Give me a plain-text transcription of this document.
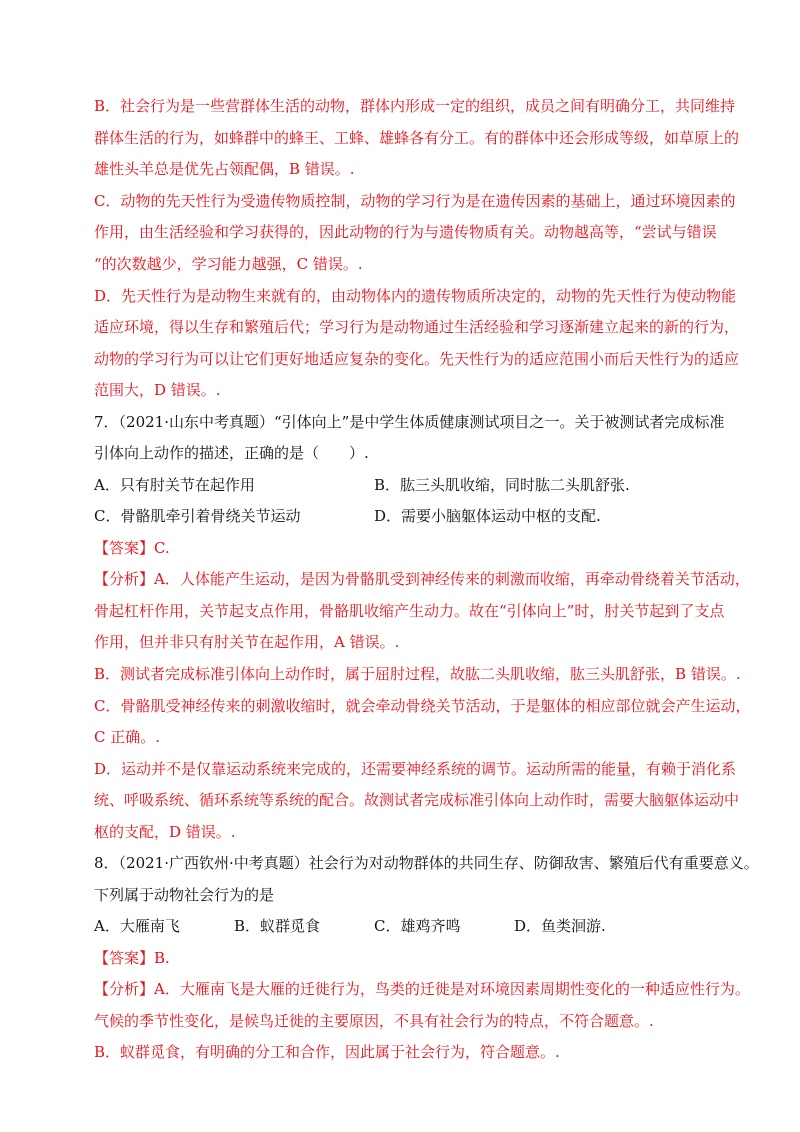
B．社会行为是一些营群体生活的动物，群体内形成一定的组织，成员之间有明确分工，共同维持
群体生活的行为，如蜂群中的蜂王、工蜂、雄蜂各有分工。有的群体中还会形成等级，如草原上的
雄性头羊总是优先占领配偶，B 错误。.
C．动物的先天性行为受遗传物质控制，动物的学习行为是在遗传因素的基础上，通过环境因素的
作用，由生活经验和学习获得的，因此动物的行为与遗传物质有关。动物越高等，“尝试与错误
“的次数越少，学习能力越强，C 错误。.
D．先天性行为是动物生来就有的，由动物体内的遗传物质所决定的，动物的先天性行为使动物能
适应环境，得以生存和繁殖后代；学习行为是动物通过生活经验和学习逐渐建立起来的新的行为，
动物的学习行为可以让它们更好地适应复杂的变化。先天性行为的适应范围小而后天性行为的适应
范围大，D 错误。.
7．（2021·山东中考真题）“引体向上”是中学生体质健康测试项目之一。关于被测试者完成标准
引体向上动作的描述，正确的是（　　）.
A．只有肘关节在起作用	B．肱三头肌收缩，同时肱二头肌舒张.
C．骨骼肌牵引着骨绕关节运动	D．需要小脑躯体运动中枢的支配.
【答案】C.
【分析】A．人体能产生运动，是因为骨骼肌受到神经传来的刺激而收缩，再牵动骨绕着关节活动，
骨起杠杆作用，关节起支点作用，骨骼肌收缩产生动力。故在“引体向上”时，肘关节起到了支点
作用，但并非只有肘关节在起作用，A 错误。.
B．测试者完成标准引体向上动作时，属于屈肘过程，故肱二头肌收缩，肱三头肌舒张，B 错误。.
C．骨骼肌受神经传来的刺激收缩时，就会牵动骨绕关节活动，于是躯体的相应部位就会产生运动，
C 正确。.
D．运动并不是仅靠运动系统来完成的，还需要神经系统的调节。运动所需的能量，有赖于消化系
统、呼吸系统、循环系统等系统的配合。故测试者完成标准引体向上动作时，需要大脑躯体运动中
枢的支配，D 错误。.
8．（2021·广西钦州·中考真题）社会行为对动物群体的共同生存、防御敌害、繁殖后代有重要意义。
下列属于动物社会行为的是
A．大雁南飞	B．蚁群觅食	C．雄鸡齐鸣	D．鱼类洄游.
【答案】B.
【分析】A．大雁南飞是大雁的迁徙行为，鸟类的迁徙是对环境因素周期性变化的一种适应性行为。
气候的季节性变化，是候鸟迁徙的主要原因，不具有社会行为的特点，不符合题意。.
B．蚁群觅食，有明确的分工和合作，因此属于社会行为，符合题意。.
